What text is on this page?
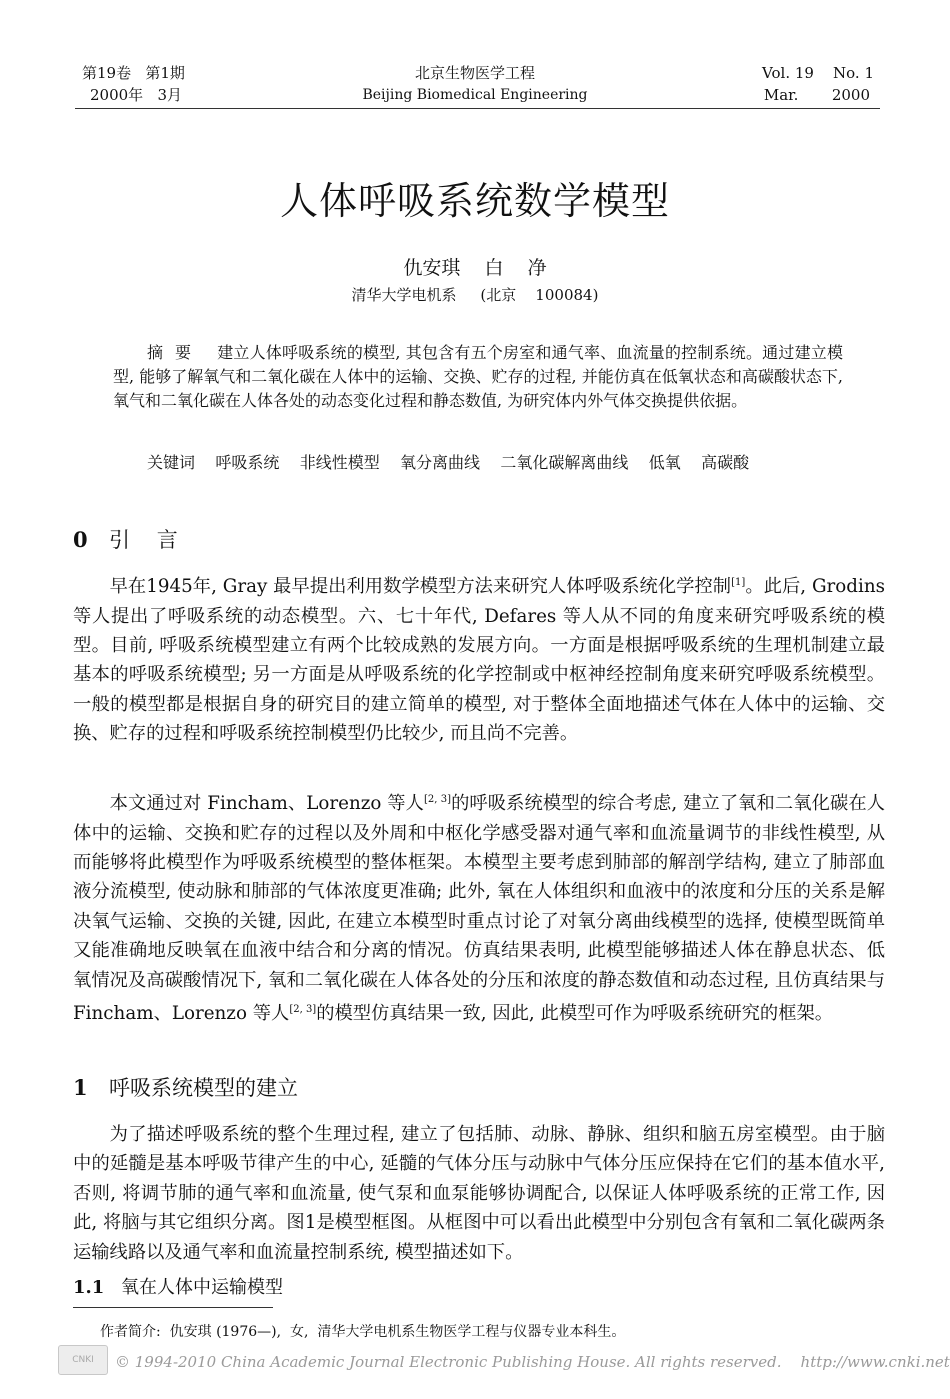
第19卷   第1期
2000年   3月
北京生物医学工程
Beijing Biomedical Engineering
Vol. 19    No. 1
Mar.       2000
人体呼吸系统数学模型
仇安琪    白    净
清华大学电机系     (北京    100084)
摘要 建立人体呼吸系统的模型, 其包含有五个房室和通气率、血流量的控制系统。通过建立模型, 能够了解氧气和二氧化碳在人体中的运输、交换、贮存的过程, 并能仿真在低氧状态和高碳酸状态下, 氧气和二氧化碳在人体各处的动态变化过程和静态数值, 为研究体内外气体交换提供依据。
关键词    呼吸系统    非线性模型    氧分离曲线    二氧化碳解离曲线    低氧    高碳酸
0 引    言
早在1945年, Gray 最早提出利用数学模型方法来研究人体呼吸系统化学控制[1]。此后, Grodins 等人提出了呼吸系统的动态模型。六、七十年代, Defares 等人从不同的角度来研究呼吸系统的模型。目前, 呼吸系统模型建立有两个比较成熟的发展方向。一方面是根据呼吸系统的生理机制建立最基本的呼吸系统模型; 另一方面是从呼吸系统的化学控制或中枢神经控制角度来研究呼吸系统模型。一般的模型都是根据自身的研究目的建立简单的模型, 对于整体全面地描述气体在人体中的运输、交换、贮存的过程和呼吸系统控制模型仍比较少, 而且尚不完善。
本文通过对 Fincham、Lorenzo 等人[2, 3]的呼吸系统模型的综合考虑, 建立了氧和二氧化碳在人体中的运输、交换和贮存的过程以及外周和中枢化学感受器对通气率和血流量调节的非线性模型, 从而能够将此模型作为呼吸系统模型的整体框架。本模型主要考虑到肺部的解剖学结构, 建立了肺部血液分流模型, 使动脉和肺部的气体浓度更准确; 此外, 氧在人体组织和血液中的浓度和分压的关系是解决氧气运输、交换的关键, 因此, 在建立本模型时重点讨论了对氧分离曲线模型的选择, 使模型既简单又能准确地反映氧在血液中结合和分离的情况。仿真结果表明, 此模型能够描述人体在静息状态、低氧情况及高碳酸情况下, 氧和二氧化碳在人体各处的分压和浓度的静态数值和动态过程, 且仿真结果与 Fincham、Lorenzo 等人[2, 3]的模型仿真结果一致, 因此, 此模型可作为呼吸系统研究的框架。
1 呼吸系统模型的建立
为了描述呼吸系统的整个生理过程, 建立了包括肺、动脉、静脉、组织和脑五房室模型。由于脑中的延髓是基本呼吸节律产生的中心, 延髓的气体分压与动脉中气体分压应保持在它们的基本值水平, 否则, 将调节肺的通气率和血流量, 使气泵和血泵能够协调配合, 以保证人体呼吸系统的正常工作, 因此, 将脑与其它组织分离。图1是模型框图。从框图中可以看出此模型中分别包含有氧和二氧化碳两条运输线路以及通气率和血流量控制系统, 模型描述如下。
1.1 氧在人体中运输模型
作者简介:  仇安琪 (1976—),  女,  清华大学电机系生物医学工程与仪器专业本科生。
CNKI	© 1994-2010 China Academic Journal Electronic Publishing House. All rights reserved.    http://www.cnki.net
